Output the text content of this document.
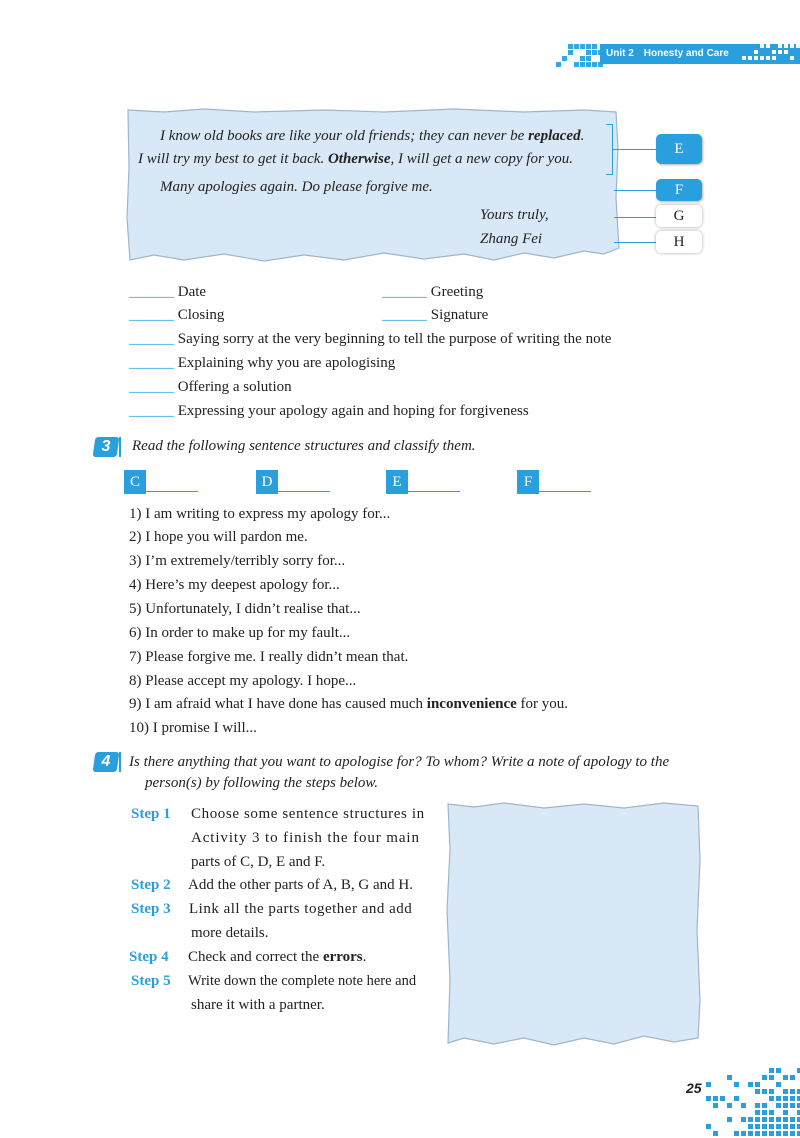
Unit 2 Honesty and Care
I know old books are like your old friends; they can never be replaced.
I will try my best to get it back. Otherwise, I will get a new copy for you.
Many apologies again. Do please forgive me.
Yours truly,
Zhang Fei
E
F
G
H
______ Date	______ Greeting
______ Closing	______ Signature
______ Saying sorry at the very beginning to tell the purpose of writing the note
______ Explaining why you are apologising
______ Offering a solution
______ Expressing your apology again and hoping for forgiveness
3	Read the following sentence structures and classify them.
C	D	E	F
1) I am writing to express my apology for...
2) I hope you will pardon me.
3) I’m extremely/terribly sorry for...
4) Here’s my deepest apology for...
5) Unfortunately, I didn’t realise that...
6) In order to make up for my fault...
7) Please forgive me. I really didn’t mean that.
8) Please accept my apology. I hope...
9) I am afraid what I have done has caused much inconvenience for you.
10) I promise I will...
4	Is there anything that you want to apologise for? To whom? Write a note of apology to the
person(s) by following the steps below.
Step 1 Choose some sentence structures in
Activity 3 to finish the four main
parts of C, D, E and F.
Step 2 Add the other parts of A, B, G and H.
Step 3 Link all the parts together and add
more details.
Step 4 Check and correct the errors.
Step 5 Write down the complete note here and
share it with a partner.
25
